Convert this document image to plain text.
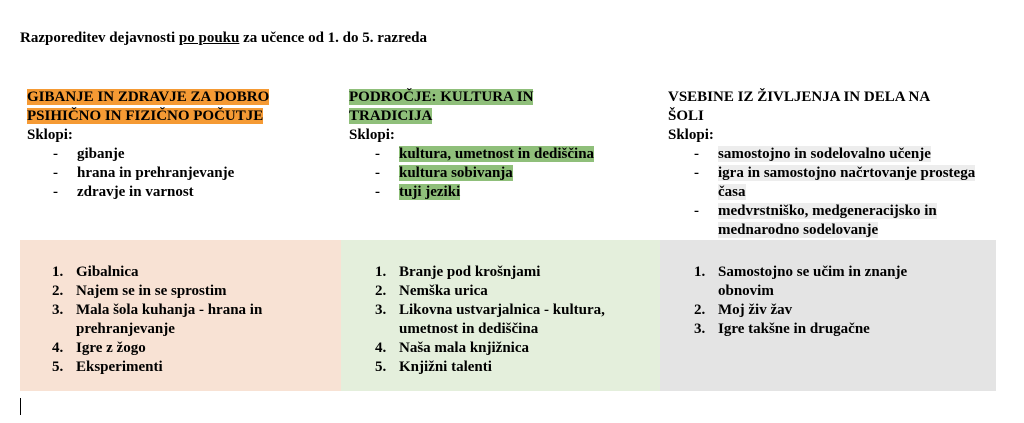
Razporeditev dejavnosti po pouku za učence od 1. do 5. razreda
GIBANJE IN ZDRAVJE ZA DOBRO
PSIHIČNO IN FIZIČNO POČUTJE
Sklopi:
- gibanje
- hrana in prehranjevanje
- zdravje in varnost
PODROČJE: KULTURA IN
TRADICIJA
Sklopi:
- kultura, umetnost in dediščina
- kultura sobivanja
- tuji jeziki
VSEBINE IZ ŽIVLJENJA IN DELA NA
ŠOLI
Sklopi:
- samostojno in sodelovalno učenje
- igra in samostojno načrtovanje prostega časa
- medvrstniško, medgeneracijsko in mednarodno sodelovanje
1. Gibalnica
2. Najem se in se sprostim
3. Mala šola kuhanja - hrana in prehranjevanje
4. Igre z žogo
5. Eksperimenti
1. Branje pod krošnjami
2. Nemška urica
3. Likovna ustvarjalnica - kultura, umetnost in dediščina
4. Naša mala knjižnica
5. Knjižni talenti
1. Samostojno se učim in znanje obnovim
2. Moj živ žav
3. Igre takšne in drugačne
